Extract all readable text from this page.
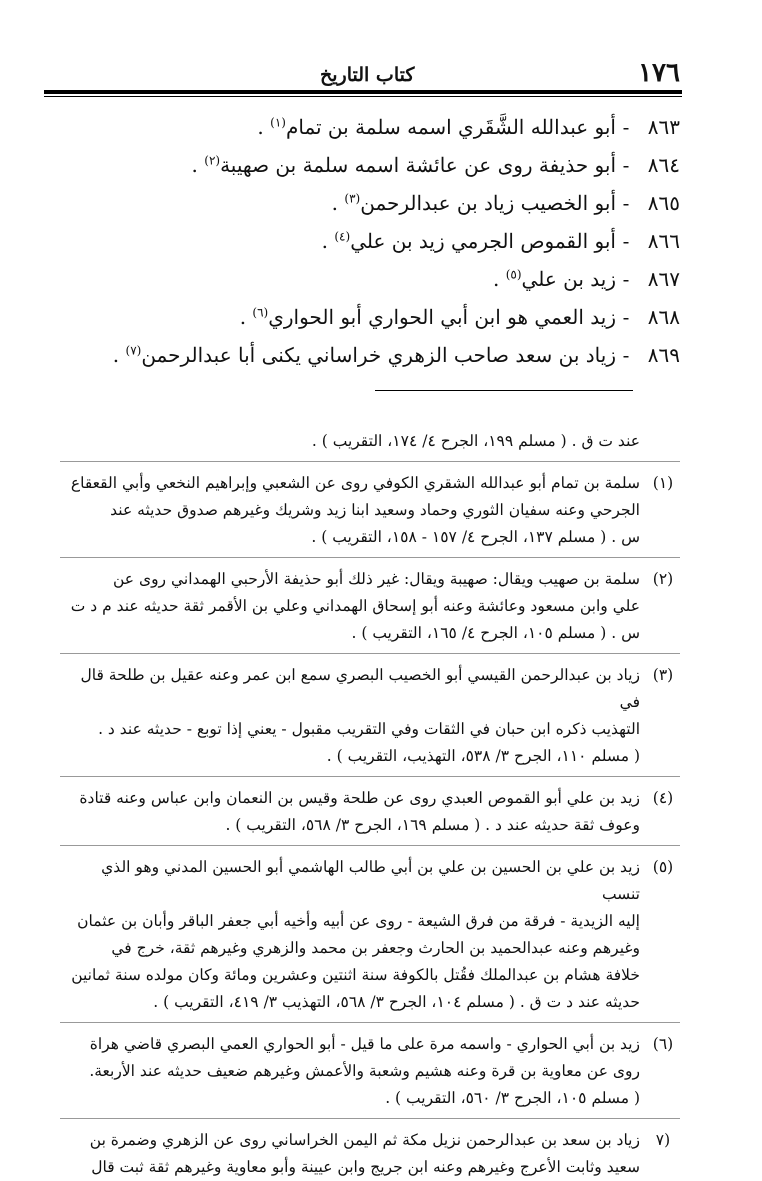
١٧٦
كتاب التاريخ
٨٦٣-أبو عبدالله الشَّقَري اسمه سلمة بن تمام$^{(١)}$ .
٨٦٤-أبو حذيفة روى عن عائشة اسمه سلمة بن صهيبة$^{(٢)}$ .
٨٦٥-أبو الخصيب زياد بن عبدالرحمن$^{(٣)}$ .
٨٦٦-أبو القموص الجرمي زيد بن علي$^{(٤)}$ .
٨٦٧-زيد بن علي$^{(٥)}$ .
٨٦٨-زيد العمي هو ابن أبي الحواري أبو الحواري$^{(٦)}$ .
٨٦٩-زياد بن سعد صاحب الزهري خراساني يكنى أبا عبدالرحمن$^{(٧)}$ .
عند ت ق . ( مسلم ١٩٩، الجرح ٤/ ١٧٤، التقريب ) .
(١)
سلمة بن تمام أبو عبدالله الشقري الكوفي روى عن الشعبي وإبراهيم النخعي وأبي القعقاع
الجرحي وعنه سفيان الثوري وحماد وسعيد ابنا زيد وشريك وغيرهم صدوق حديثه عند
س . ( مسلم ١٣٧، الجرح ٤/ ١٥٧ - ١٥٨، التقريب ) .
(٢)
سلمة بن صهيب ويقال: صهيبة ويقال: غير ذلك أبو حذيفة الأرحبي الهمداني روى عن
علي وابن مسعود وعائشة وعنه أبو إسحاق الهمداني وعلي بن الأقمر ثقة حديثه عند م د ت
س . ( مسلم ١٠٥، الجرح ٤/ ١٦٥، التقريب ) .
(٣)
زياد بن عبدالرحمن القيسي أبو الخصيب البصري سمع ابن عمر وعنه عقيل بن طلحة قال في
التهذيب ذكره ابن حبان في الثقات وفي التقريب مقبول - يعني إذا توبع - حديثه عند د .
( مسلم ١١٠، الجرح ٣/ ٥٣٨، التهذيب، التقريب ) .
(٤)
زيد بن علي أبو القموص العبدي روى عن طلحة وقيس بن النعمان وابن عباس وعنه قتادة
وعوف ثقة حديثه عند د . ( مسلم ١٦٩، الجرح ٣/ ٥٦٨، التقريب ) .
(٥)
زيد بن علي بن الحسين بن علي بن أبي طالب الهاشمي أبو الحسين المدني وهو الذي تنسب
إليه الزيدية - فرقة من فرق الشيعة - روى عن أبيه وأخيه أبي جعفر الباقر وأبان بن عثمان
وغيرهم وعنه عبدالحميد بن الحارث وجعفر بن محمد والزهري وغيرهم ثقة، خرج في
خلافة هشام بن عبدالملك فقُتل بالكوفة سنة اثنتين وعشرين ومائة وكان مولده سنة ثمانين
حديثه عند د ت ق . ( مسلم ١٠٤، الجرح ٣/ ٥٦٨، التهذيب ٣/ ٤١٩، التقريب ) .
(٦)
زيد بن أبي الحواري - واسمه مرة على ما قيل - أبو الحواري العمي البصري قاضي هراة
روى عن معاوية بن قرة وعنه هشيم وشعبة والأعمش وغيرهم ضعيف حديثه عند الأربعة.
( مسلم ١٠٥، الجرح ٣/ ٥٦٠، التقريب ) .
(٧
زياد بن سعد بن عبدالرحمن نزيل مكة ثم اليمن الخراساني روى عن الزهري وضمرة بن
سعيد وثابت الأعرج وغيرهم وعنه ابن جريج وابن عيينة وأبو معاوية وغيرهم ثقة ثبت قال
